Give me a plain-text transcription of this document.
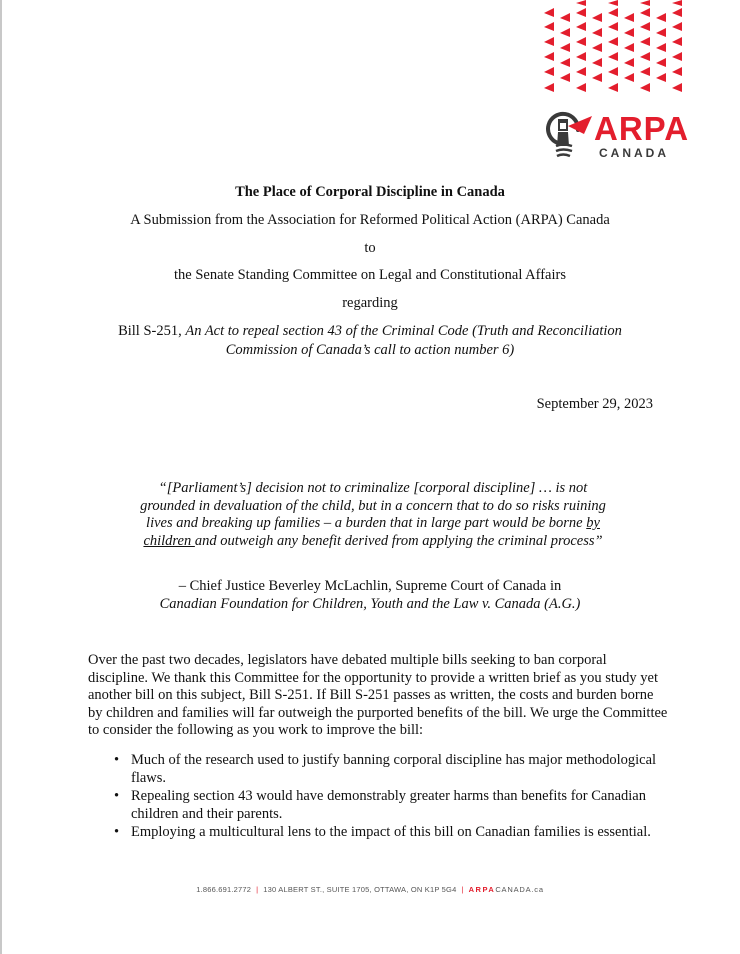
ARPA
CANADA
The Place of Corporal Discipline in Canada
A Submission from the Association for Reformed Political Action (ARPA) Canada
to
the Senate Standing Committee on Legal and Constitutional Affairs
regarding
Bill S-251, An Act to repeal section 43 of the Criminal Code (Truth and Reconciliation Commission of Canada’s call to action number 6)
September 29, 2023
“[Parliament’s] decision not to criminalize [corporal discipline] … is not grounded in devaluation of the child, but in a concern that to do so risks ruining lives and breaking up families – a burden that in large part would be borne by children and outweigh any benefit derived from applying the criminal process”
– Chief Justice Beverley McLachlin, Supreme Court of Canada in
Canadian Foundation for Children, Youth and the Law v. Canada (A.G.)
Over the past two decades, legislators have debated multiple bills seeking to ban corporal discipline. We thank this Committee for the opportunity to provide a written brief as you study yet another bill on this subject, Bill S-251. If Bill S-251 passes as written, the costs and burden borne by children and families will far outweigh the purported benefits of the bill. We urge the Committee to consider the following as you work to improve the bill:
• Much of the research used to justify banning corporal discipline has major methodological flaws.
• Repealing section 43 would have demonstrably greater harms than benefits for Canadian children and their parents.
• Employing a multicultural lens to the impact of this bill on Canadian families is essential.
1.866.691.2772 | 130 ALBERT ST., SUITE 1705, OTTAWA, ON K1P 5G4 | ARPACANADA.ca
